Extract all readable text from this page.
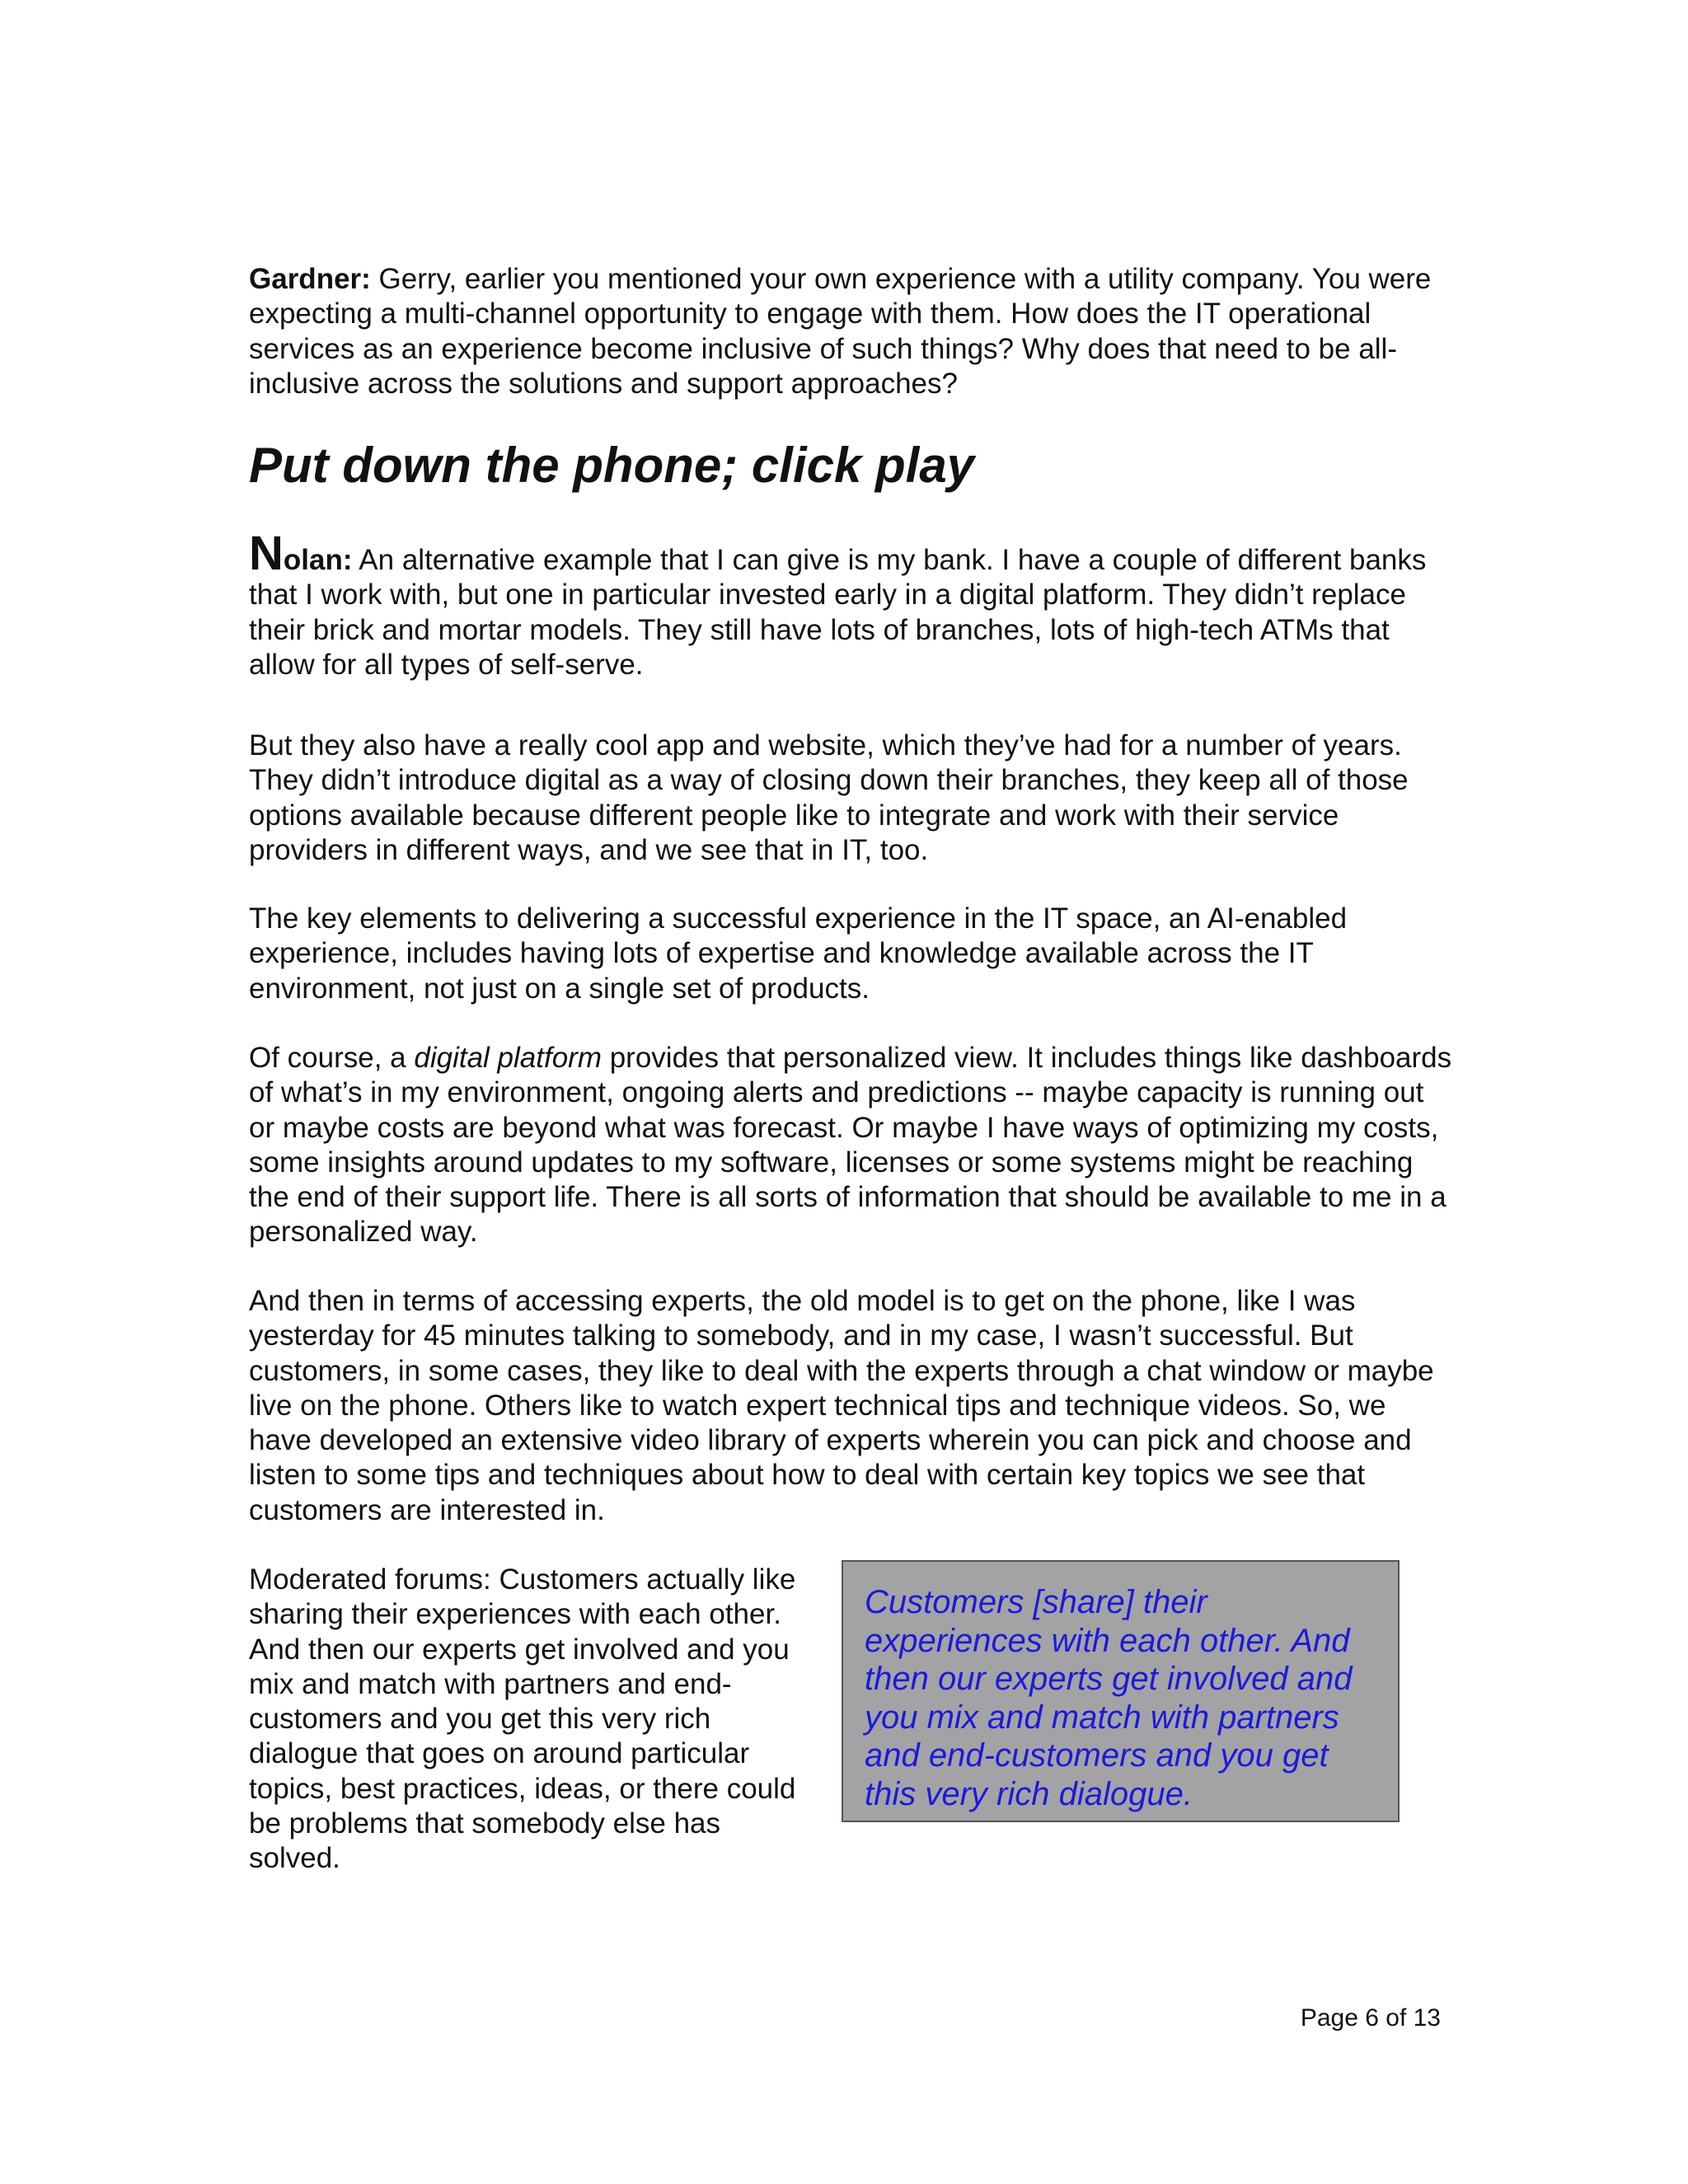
Gardner: Gerry, earlier you mentioned your own experience with a utility company. You were expecting a multi-channel opportunity to engage with them. How does the IT operational services as an experience become inclusive of such things? Why does that need to be all-inclusive across the solutions and support approaches?

Put down the phone; click play

Nolan: An alternative example that I can give is my bank. I have a couple of different banks that I work with, but one in particular invested early in a digital platform. They didn’t replace their brick and mortar models. They still have lots of branches, lots of high-tech ATMs that allow for all types of self-serve.

But they also have a really cool app and website, which they’ve had for a number of years. They didn’t introduce digital as a way of closing down their branches, they keep all of those options available because different people like to integrate and work with their service providers in different ways, and we see that in IT, too.

The key elements to delivering a successful experience in the IT space, an AI-enabled experience, includes having lots of expertise and knowledge available across the IT environment, not just on a single set of products.

Of course, a digital platform provides that personalized view. It includes things like dashboards of what’s in my environment, ongoing alerts and predictions -- maybe capacity is running out or maybe costs are beyond what was forecast. Or maybe I have ways of optimizing my costs, some insights around updates to my software, licenses or some systems might be reaching the end of their support life. There is all sorts of information that should be available to me in a personalized way.

And then in terms of accessing experts, the old model is to get on the phone, like I was yesterday for 45 minutes talking to somebody, and in my case, I wasn’t successful. But customers, in some cases, they like to deal with the experts through a chat window or maybe live on the phone. Others like to watch expert technical tips and technique videos. So, we have developed an extensive video library of experts wherein you can pick and choose and listen to some tips and techniques about how to deal with certain key topics we see that customers are interested in.

Moderated forums: Customers actually like sharing their experiences with each other. And then our experts get involved and you mix and match with partners and end-customers and you get this very rich dialogue that goes on around particular topics, best practices, ideas, or there could be problems that somebody else has solved.

Customers [share] their experiences with each other. And then our experts get involved and you mix and match with partners and end-customers and you get this very rich dialogue.

Page 6 of 13
